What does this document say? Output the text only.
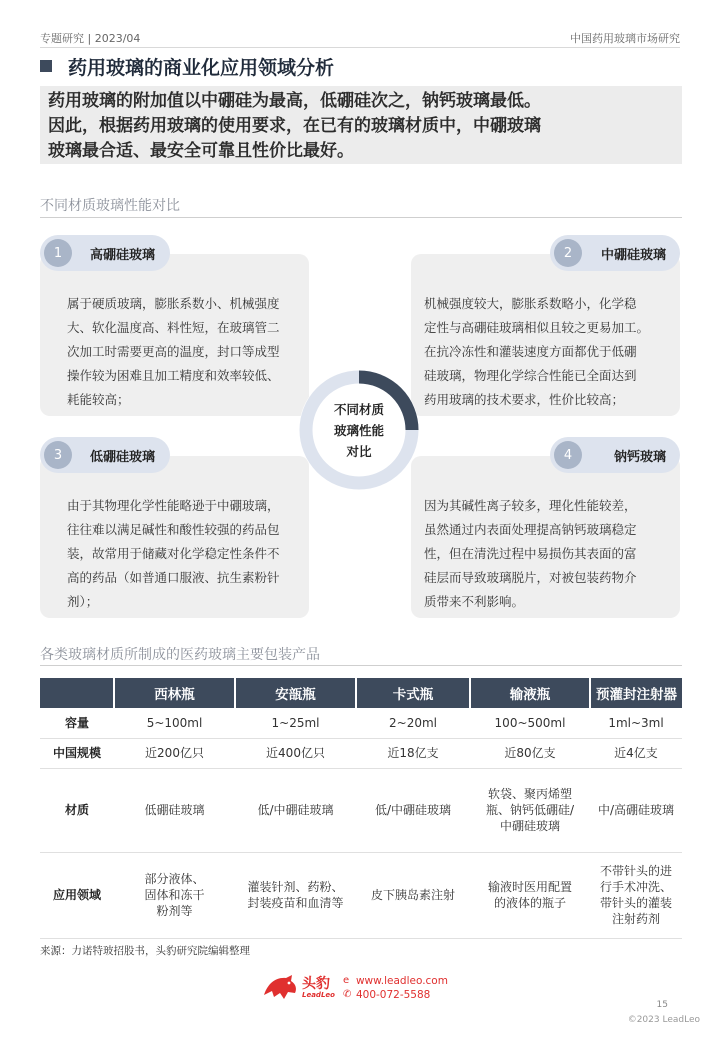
专题研究 | 2023/04	中国药用玻璃市场研究
药用玻璃的商业化应用领域分析
药用玻璃的附加值以中硼硅为最高，低硼硅次之，钠钙玻璃最低。
因此，根据药用玻璃的使用要求，在已有的玻璃材质中，中硼玻璃
玻璃最合适、最安全可靠且性价比最好。
不同材质玻璃性能对比
属于硬质玻璃，膨胀系数小、机械强度
大、软化温度高、料性短，在玻璃管二
次加工时需要更高的温度，封口等成型
操作较为困难且加工精度和效率较低、
耗能较高；
1	高硼硅玻璃
机械强度较大，膨胀系数略小，化学稳
定性与高硼硅玻璃相似且较之更易加工。
在抗冷冻性和灌装速度方面都优于低硼
硅玻璃，物理化学综合性能已全面达到
药用玻璃的技术要求，性价比较高；
2	中硼硅玻璃
由于其物理化学性能略逊于中硼玻璃，
往往难以满足碱性和酸性较强的药品包
装，故常用于储藏对化学稳定性条件不
高的药品（如普通口服液、抗生素粉针
剂）；
3	低硼硅玻璃
因为其碱性离子较多，理化性能较差，
虽然通过内表面处理提高钠钙玻璃稳定
性，但在清洗过程中易损伤其表面的富
硅层而导致玻璃脱片，对被包装药物介
质带来不利影响。
4	钠钙玻璃
不同材质
玻璃性能
对比
各类玻璃材质所制成的医药玻璃主要包装产品
	西林瓶	安瓿瓶	卡式瓶	输液瓶	预灌封注射器
容量	5~100ml	1~25ml	2~20ml	100~500ml	1ml~3ml
中国规模	近200亿只	近400亿只	近18亿支	近80亿支	近4亿支
材质	低硼硅玻璃	低/中硼硅玻璃	低/中硼硅玻璃	软袋、聚丙烯塑
瓶、钠钙低硼硅/
中硼硅玻璃	中/高硼硅玻璃
应用领域	部分液体、
固体和冻干
粉剂等	灌装针剂、药粉、
封装疫苗和血清等	皮下胰岛素注射	输液时医用配置
的液体的瓶子	不带针头的进
行手术冲洗、
带针头的灌装
注射药剂
来源：力诺特玻招股书，头豹研究院编辑整理
头豹
LeadLeo
e www.leadleo.com
✆ 400-072-5588
15
©2023 LeadLeo
